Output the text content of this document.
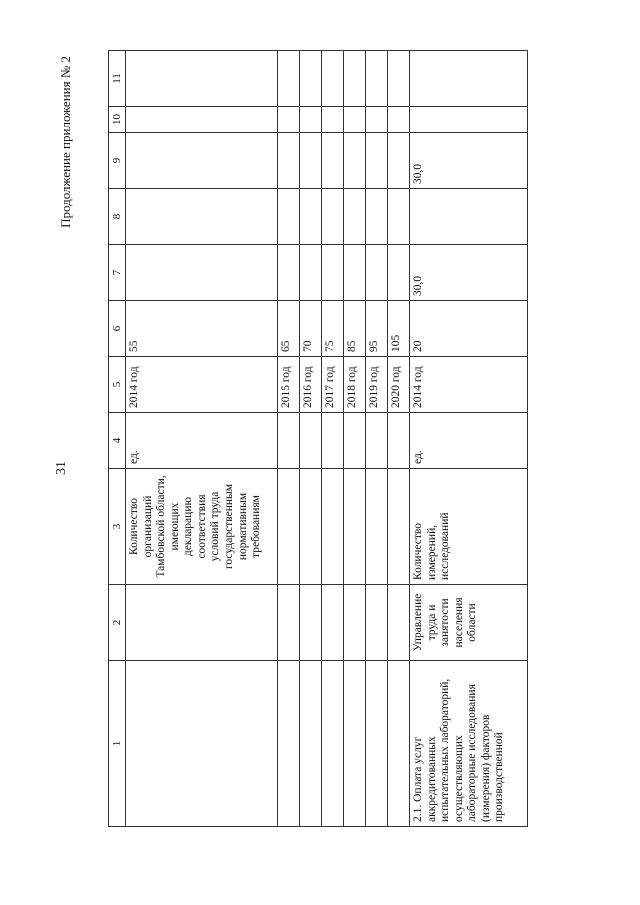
31
Продолжение приложения № 2
1	2	3	4	5	6	7	8	9	10	11
		Количество организаций Тамбовской области, имеющих декларацию соответствия условий труда государственным нормативным требованиям	ед.	2014 год	55					
				2015 год	65					
				2016 год	70					
				2017 год	75					
				2018 год	85					
				2019 год	95					
				2020 год	105					
2.1. Оплата услуг аккредитованных испытательных лабораторий, осуществляющих лабораторные исследования (измерения) факторов производственной	Управление труда и занятости населения области	Количество измерений, исследований	ед.	2014 год	20	30,0		30,0		
